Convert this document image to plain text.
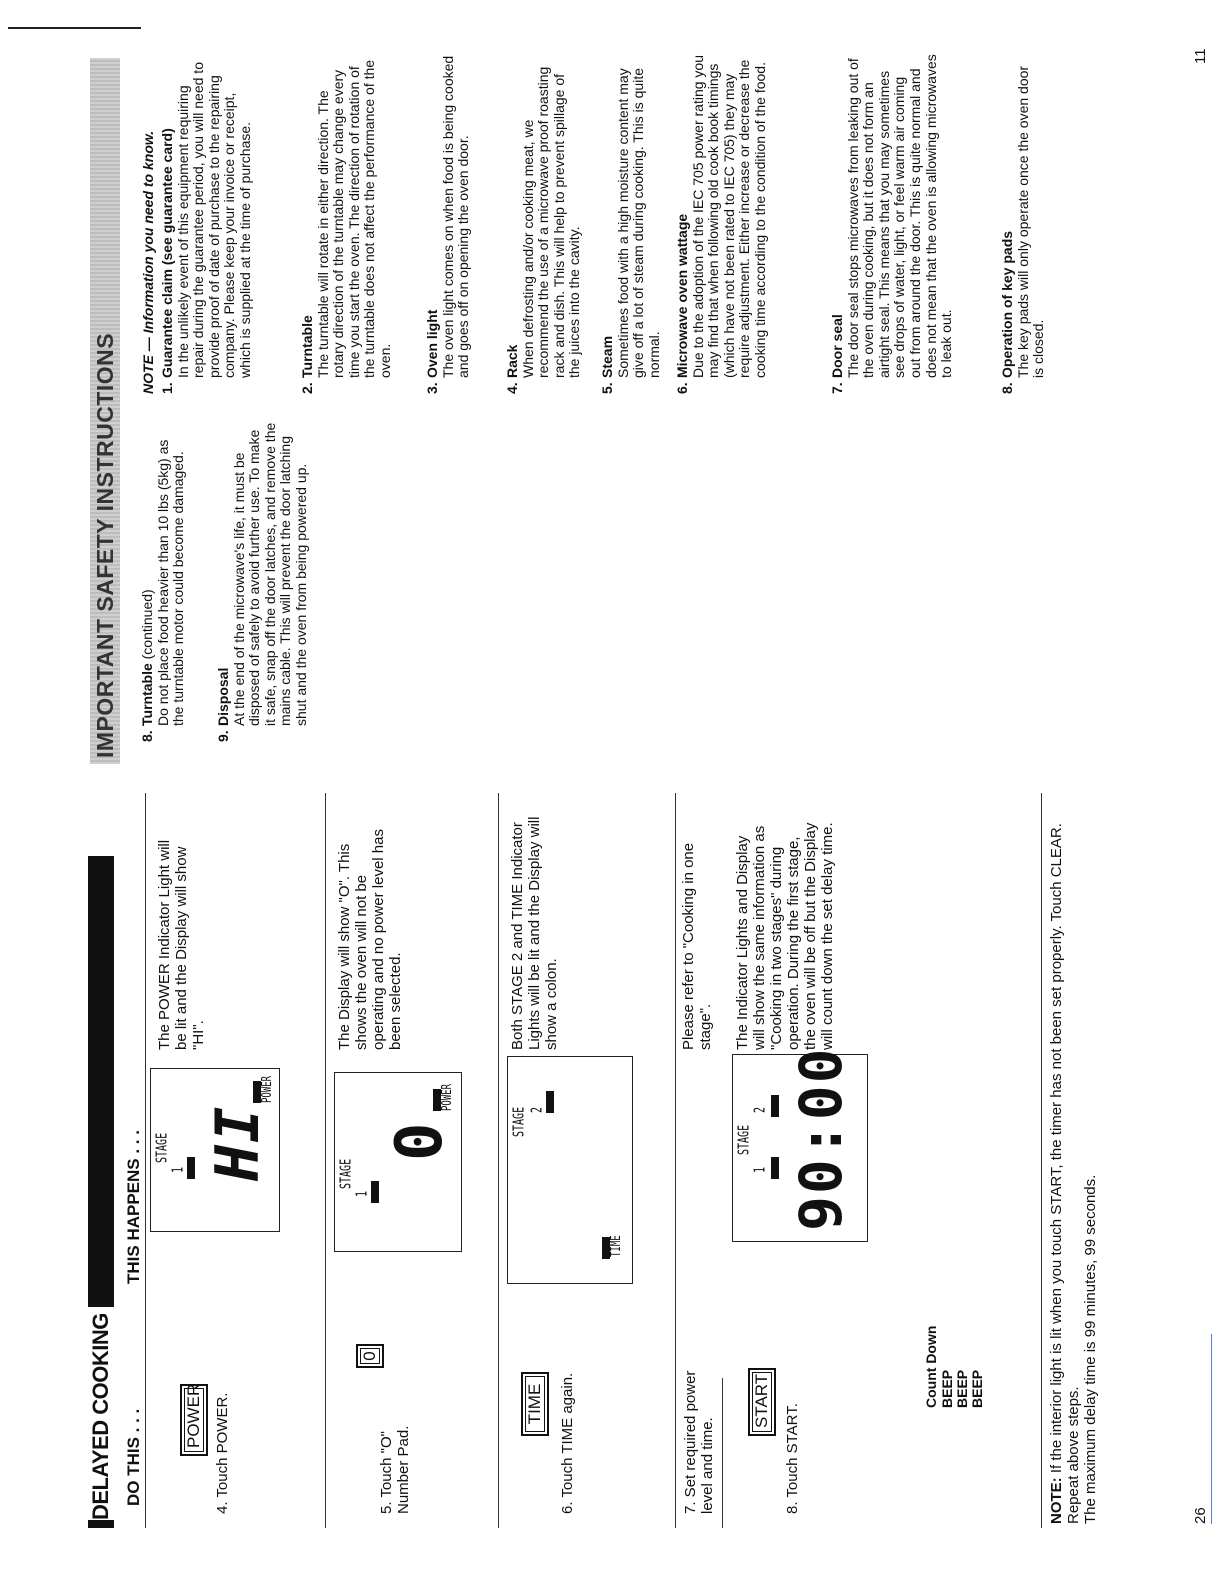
DELAYED COOKING DO THIS . . .
THIS HAPPENS . . .
POWER
4. Touch POWER.
STAGE
1 HI
POWER
The POWER Indicator Light will be lit and the Display will show "HI".
0
5. Touch "O" Number Pad.
STAGE
1
0
POWER
The Display will show "O". This shows the oven will not be operating and no power level has been selected.
TIME
6. Touch TIME again.
STAGE 2
TIME
Both STAGE 2 and TIME Indicator Lights will be lit and the Display will show a colon.
7. Set required power level and time.
Please refer to "Cooking in one stage".
START
8. Touch START.
STAGE
1
2 90:00
The Indicator Lights and Display will show the same information as "Cooking in two stages" during operation. During the first stage, the oven will be off but the Display will count down the set delay time.
Count Down BEEP BEEP BEEP
NOTE: If the interior light is lit when you touch START, the timer has not been set properly. Touch CLEAR. Repeat above steps. The maximum delay time is 99 minutes, 99 seconds.	26
IMPORTANT SAFETY INSTRUCTIONS 8.
Turntable (continued) Do not place food heavier than 10 lbs (5kg) as the turntable motor could become damaged.
9.
Disposal At the end of the microwave's life, it must be disposed of safely to avoid further use. To make it safe, snap off the door latches, and remove the mains cable. This will prevent the door latching shut and the oven from being powered up.
NOTE — Information you need to know. 1.
Guarantee claim (see guarantee card) In the unlikely event of this equipment requiring repair during the guarantee period, you will need to provide proof of date of purchase to the repairing company. Please keep your invoice or receipt, which is supplied at the time of purchase.
2.
Turntable The turntable will rotate in either direction. The rotary direction of the turntable may change every time you start the oven. The direction of rotation of the turntable does not affect the performance of the oven.
3.
Oven light The oven light comes on when food is being cooked and goes off on opening the oven door.
4.
Rack When defrosting and/or cooking meat, we recommend the use of a microwave proof roasting rack and dish. This will help to prevent spillage of the juices into the cavity.
5.
Steam Sometimes food with a high moisture content may give off a lot of steam during cooking. This is quite normal.
6.
Microwave oven wattage Due to the adoption of the IEC 705 power rating you may find that when following old cook book timings (which have not been rated to IEC 705) they may require adjustment. Either increase or decrease the cooking time according to the condition of the food.
7.
Door seal The door seal stops microwaves from leaking out of the oven during cooking, but it does not form an airtight seal. This means that you may sometimes see drops of water, light, or feel warm air coming out from around the door. This is quite normal and does not mean that the oven is allowing microwaves to leak out.
8.
Operation of key pads The key pads will only operate once the oven door is closed.
11
